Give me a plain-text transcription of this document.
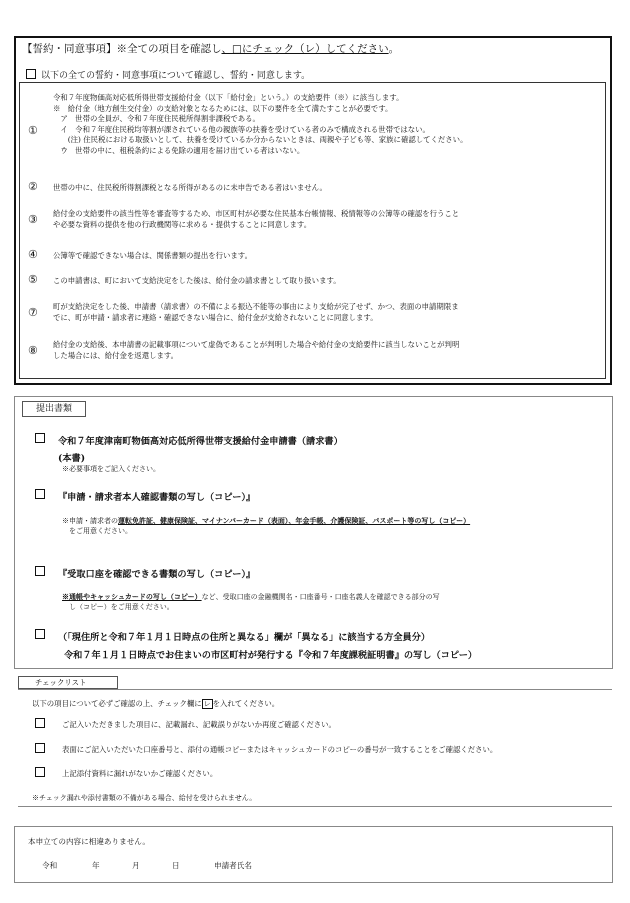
【誓約・同意事項】※全ての項目を確認し、□にチェック（レ）してください。
以下の全ての誓約・同意事項について確認し、誓約・同意します。
①
令和７年度物価高対応低所得世帯支援給付金（以下「給付金」という。）の支給要件（※）に該当します。
※　給付金（地方創生交付金）の支給対象となるためには、以下の要件を全て満たすことが必要です。
　ア　世帯の全員が、令和７年度住民税所得割非課税である。
　イ　令和７年度住民税均等割が課されている他の親族等の扶養を受けている者のみで構成される世帯ではない。
　　(注) 住民税における取扱いとして、扶養を受けているか分からないときは、両親や子ども等、家族に確認してください。
　ウ　世帯の中に、租税条約による免除の適用を届け出ている者はいない。
② 世帯の中に、住民税所得割課税となる所得があるのに未申告である者はいません。
③ 給付金の支給要件の該当性等を審査等するため、市区町村が必要な住民基本台帳情報、税情報等の公簿等の確認を行うこと
や必要な資料の提供を他の行政機関等に求める・提供することに同意します。
④ 公簿等で確認できない場合は、関係書類の提出を行います。
⑤ この申請書は、町において支給決定をした後は、給付金の請求書として取り扱います。
⑦ 町が支給決定をした後、申請書（請求書）の不備による振込不能等の事由により支給が完了せず、かつ、表面の申請期限ま
でに、町が申請・請求者に連絡・確認できない場合に、給付金が支給されないことに同意します。
⑧ 給付金の支給後、本申請書の記載事項について虚偽であることが判明した場合や給付金の支給要件に該当しないことが判明
した場合には、給付金を返還します。
提出書類
令和７年度津南町物価高対応低所得世帯支援給付金申請書（請求書）
(本書)
※必要事項をご記入ください。
『申請・請求者本人確認書類の写し（コピー）』
※申請・請求者の運転免許証、健康保険証、マイナンバーカード（表面）、年金手帳、介護保険証、パスポート等の写し（コピー）
をご用意ください。
『受取口座を確認できる書類の写し（コピー）』
※通帳やキャッシュカードの写し（コピー）など、受取口座の金融機関名・口座番号・口座名義人を確認できる部分の写
し（コピー）をご用意ください。
（「現住所と令和７年１月１日時点の住所と異なる」欄が「異なる」に該当する方全員分）
令和７年１月１日時点でお住まいの市区町村が発行する『令和７年度課税証明書』の写し（コピー）
チェックリスト
以下の項目について必ずご確認の上、チェック欄に レ を入れてください。
ご記入いただきました項目に、記載漏れ、記載誤りがないか再度ご確認ください。
表面にご記入いただいた口座番号と、添付の通帳コピーまたはキャッシュカードのコピーの番号が一致することをご確認ください。
上記添付資料に漏れがないかご確認ください。
※チェック漏れや添付書類の不備がある場合、給付を受けられません。
本申立ての内容に相違ありません。
令和	年	月	日	申請者氏名
